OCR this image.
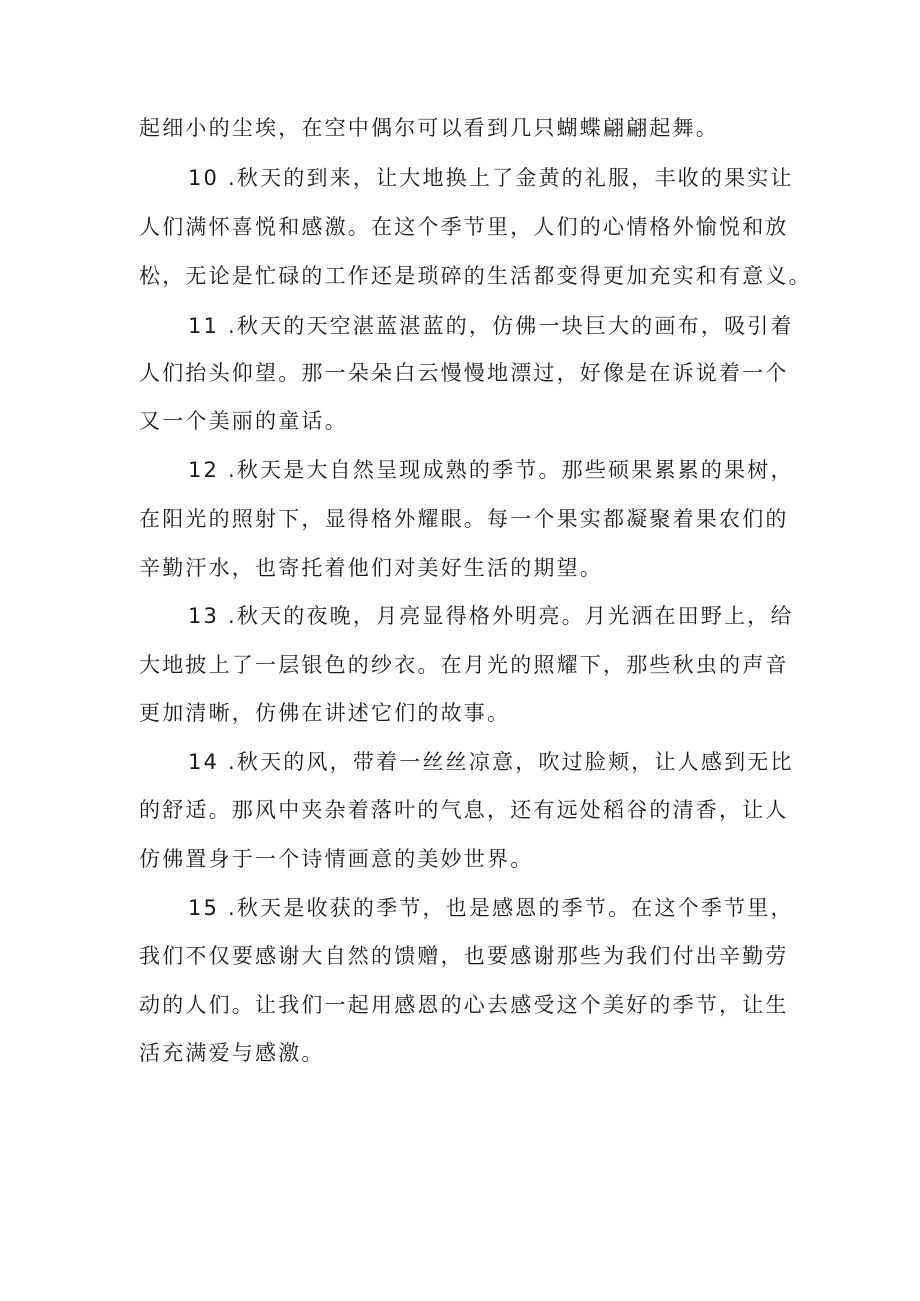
起细小的尘埃，在空中偶尔可以看到几只蝴蝶翩翩起舞。
10 .秋天的到来，让大地换上了金黄的礼服，丰收的果实让
人们满怀喜悦和感激。在这个季节里，人们的心情格外愉悦和放
松，无论是忙碌的工作还是琐碎的生活都变得更加充实和有意义。
11 .秋天的天空湛蓝湛蓝的，仿佛一块巨大的画布，吸引着
人们抬头仰望。那一朵朵白云慢慢地漂过，好像是在诉说着一个
又一个美丽的童话。
12 .秋天是大自然呈现成熟的季节。那些硕果累累的果树，
在阳光的照射下，显得格外耀眼。每一个果实都凝聚着果农们的
辛勤汗水，也寄托着他们对美好生活的期望。
13 .秋天的夜晚，月亮显得格外明亮。月光洒在田野上，给
大地披上了一层银色的纱衣。在月光的照耀下，那些秋虫的声音
更加清晰，仿佛在讲述它们的故事。
14 .秋天的风，带着一丝丝凉意，吹过脸颊，让人感到无比
的舒适。那风中夹杂着落叶的气息，还有远处稻谷的清香，让人
仿佛置身于一个诗情画意的美妙世界。
15 .秋天是收获的季节，也是感恩的季节。在这个季节里，
我们不仅要感谢大自然的馈赠，也要感谢那些为我们付出辛勤劳
动的人们。让我们一起用感恩的心去感受这个美好的季节，让生
活充满爱与感激。
